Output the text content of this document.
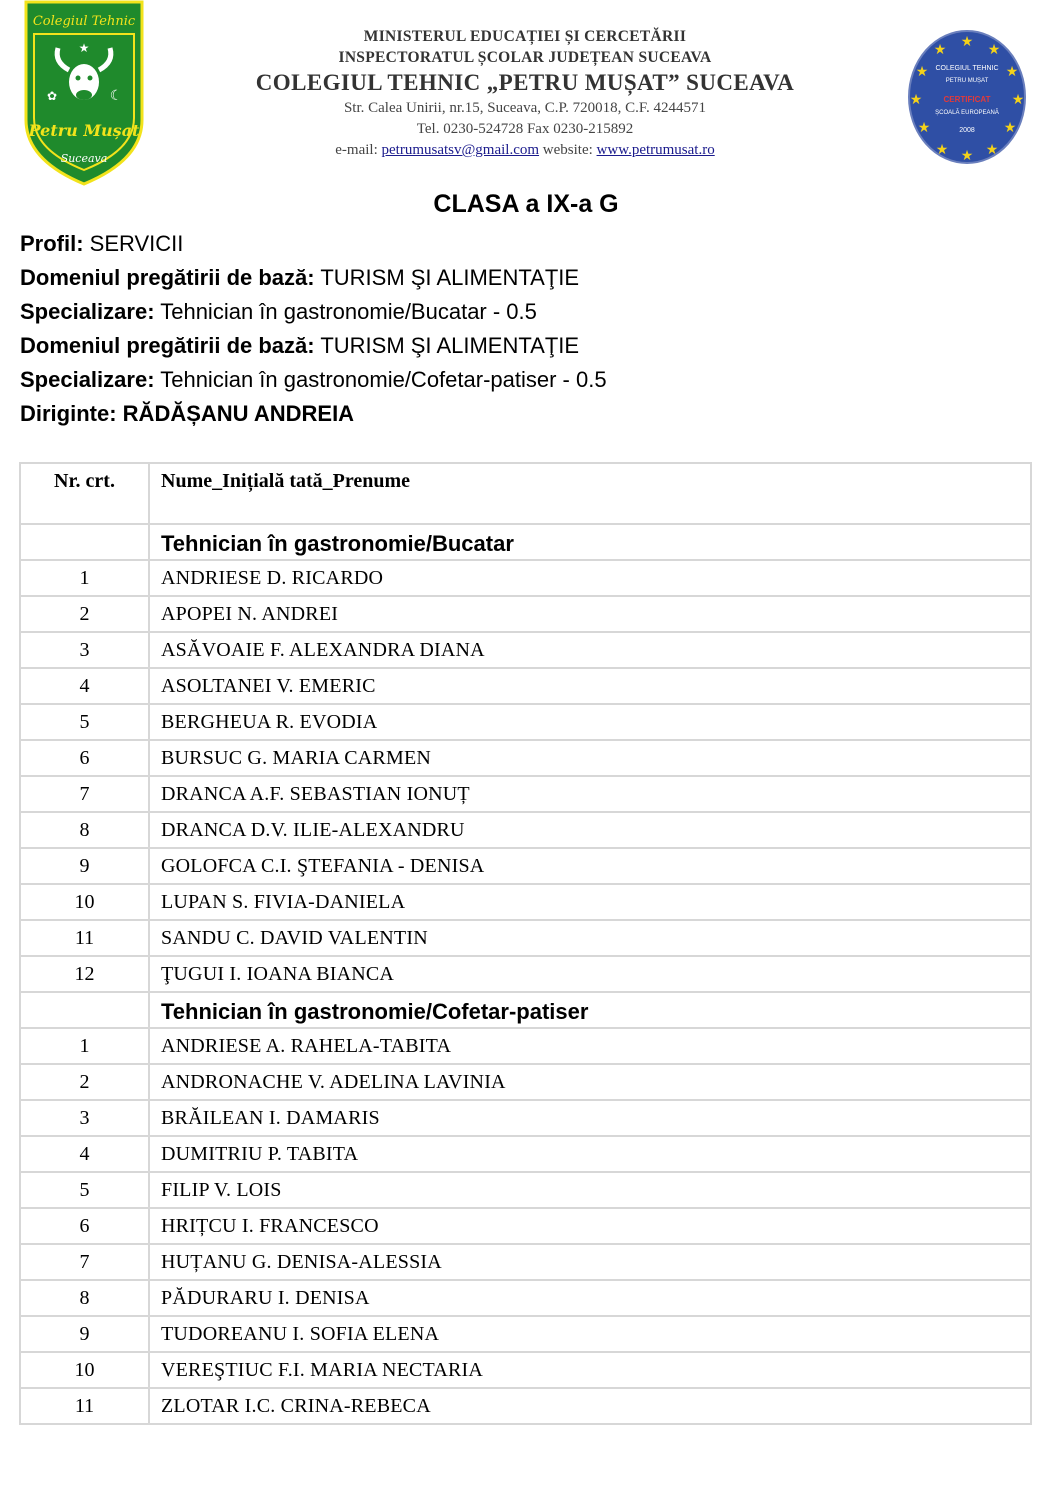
Colegiul Tehnic
★
✿	☾
Petru Mușat
Suceava
MINISTERUL EDUCAȚIEI ȘI CERCETĂRII
INSPECTORATUL ȘCOLAR JUDEȚEAN SUCEAVA
COLEGIUL TEHNIC „PETRU MUȘAT” SUCEAVA
Str. Calea Unirii, nr.15, Suceava, C.P. 720018, C.F. 4244571
Tel. 0230-524728 Fax 0230-215892
e-mail: petrumusatsv@gmail.com website: www.petrumusat.ro
★ ★
★
★
★
★
★
★
★
★
★
★
COLEGIUL TEHNIC
PETRU MUȘAT
CERTIFICAT
ȘCOALĂ EUROPEANĂ
2008
CLASA a IX-a G
Profil: SERVICII
Domeniul pregătirii de bază: TURISM ŞI ALIMENTAŢIE
Specializare: Tehnician în gastronomie/Bucatar - 0.5
Domeniul pregătirii de bază: TURISM ŞI ALIMENTAŢIE
Specializare: Tehnician în gastronomie/Cofetar-patiser - 0.5
Diriginte: RĂDĂȘANU ANDREIA
Nr. crt.	Nume_Inițială tată_Prenume
	Tehnician în gastronomie/Bucatar
1	ANDRIESE D. RICARDO
2	APOPEI N. ANDREI
3	ASĂVOAIE F. ALEXANDRA DIANA
4	ASOLTANEI V. EMERIC
5	BERGHEUA R. EVODIA
6	BURSUC G. MARIA CARMEN
7	DRANCA A.F. SEBASTIAN IONUȚ
8	DRANCA D.V. ILIE-ALEXANDRU
9	GOLOFCA C.I. ŞTEFANIA - DENISA
10	LUPAN S. FIVIA-DANIELA
11	SANDU C. DAVID VALENTIN
12	ŢUGUI I. IOANA BIANCA
	Tehnician în gastronomie/Cofetar-patiser
1	ANDRIESE A. RAHELA-TABITA
2	ANDRONACHE V. ADELINA LAVINIA
3	BRĂILEAN I. DAMARIS
4	DUMITRIU P. TABITA
5	FILIP V. LOIS
6	HRIȚCU I. FRANCESCO
7	HUȚANU G. DENISA-ALESSIA
8	PĂDURARU I. DENISA
9	TUDOREANU I. SOFIA ELENA
10	VEREŞTIUC F.I. MARIA NECTARIA
11	ZLOTAR I.C. CRINA-REBECA
